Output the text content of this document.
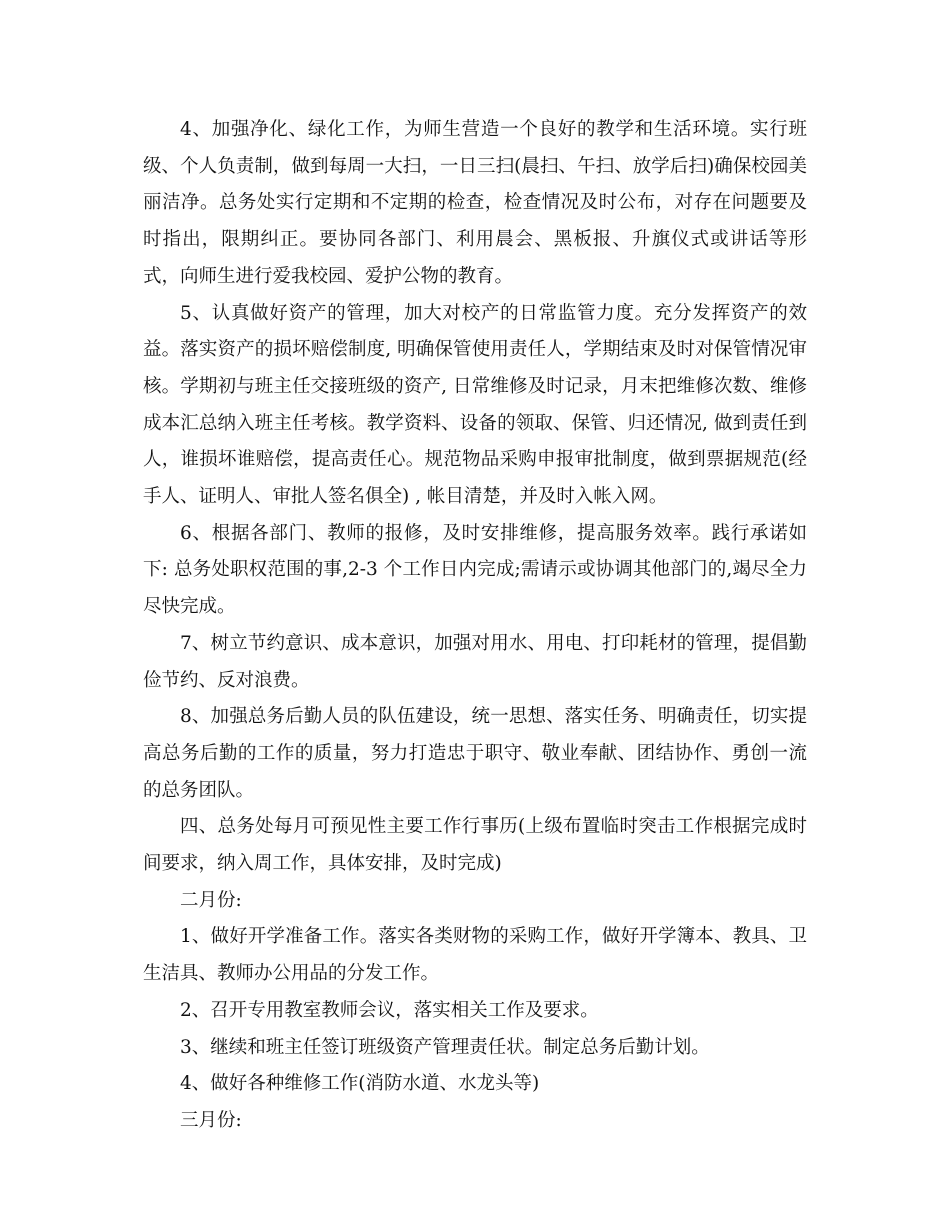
4、加强净化、绿化工作，为师生营造一个良好的教学和生活环境。实行班级、个人负责制，做到每周一大扫，一日三扫(晨扫、午扫、放学后扫)确保校园美丽洁净。总务处实行定期和不定期的检查，检查情况及时公布，对存在问题要及时指出，限期纠正。要协同各部门、利用晨会、黑板报、升旗仪式或讲话等形式，向师生进行爱我校园、爱护公物的教育。

5、认真做好资产的管理，加大对校产的日常监管力度。充分发挥资产的效益。落实资产的损坏赔偿制度, 明确保管使用责任人，学期结束及时对保管情况审核。学期初与班主任交接班级的资产, 日常维修及时记录，月末把维修次数、维修成本汇总纳入班主任考核。教学资料、设备的领取、保管、归还情况, 做到责任到人，谁损坏谁赔偿，提高责任心。规范物品采购申报审批制度，做到票据规范(经手人、证明人、审批人签名俱全) , 帐目清楚，并及时入帐入网。

6、根据各部门、教师的报修，及时安排维修，提高服务效率。践行承诺如下: 总务处职权范围的事,2-3 个工作日内完成;需请示或协调其他部门的,竭尽全力尽快完成。

7、树立节约意识、成本意识，加强对用水、用电、打印耗材的管理，提倡勤俭节约、反对浪费。

8、加强总务后勤人员的队伍建设，统一思想、落实任务、明确责任，切实提高总务后勤的工作的质量，努力打造忠于职守、敬业奉献、团结协作、勇创一流的总务团队。

四、总务处每月可预见性主要工作行事历(上级布置临时突击工作根据完成时间要求，纳入周工作，具体安排，及时完成)

二月份:

1、做好开学准备工作。落实各类财物的采购工作，做好开学簿本、教具、卫生洁具、教师办公用品的分发工作。

2、召开专用教室教师会议，落实相关工作及要求。

3、继续和班主任签订班级资产管理责任状。制定总务后勤计划。

4、做好各种维修工作(消防水道、水龙头等)

三月份:
